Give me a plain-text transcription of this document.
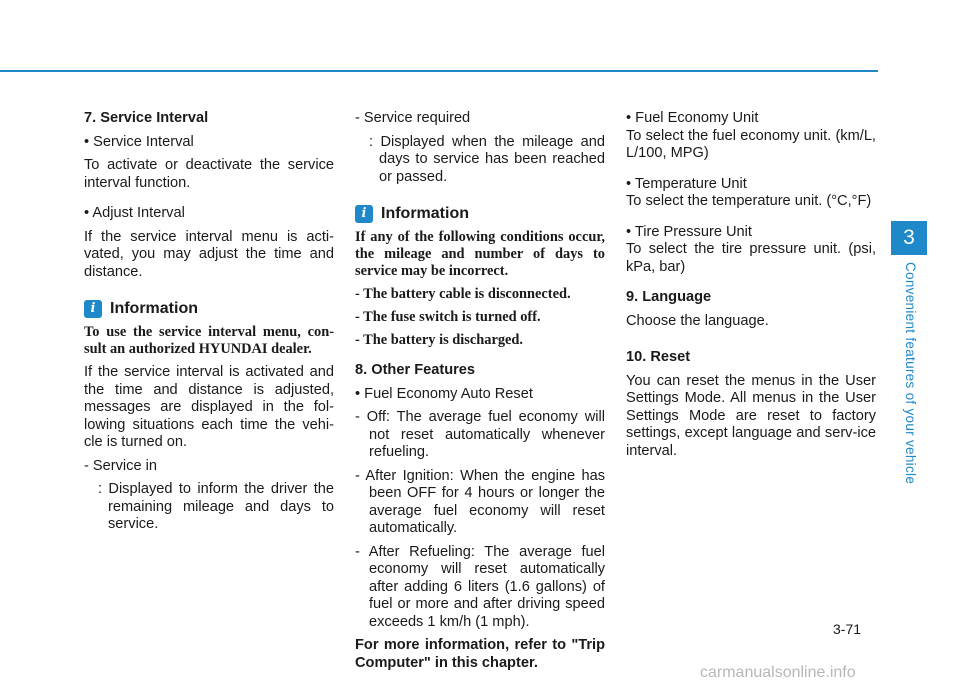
7. Service Interval

• Service Interval

To activate or deactivate the service interval function.

• Adjust Interval

If the service interval menu is acti-vated, you may adjust the time and distance.

i Information

To use the service interval menu, con-sult an authorized HYUNDAI dealer.

If the service interval is activated and the time and distance is adjusted, messages are displayed in the fol-lowing situations each time the vehi-cle is turned on.

- Service in

: Displayed to inform the driver the remaining mileage and days to service.

- Service required

: Displayed when the mileage and days to service has been reached or passed.

i Information

If any of the following conditions occur, the mileage and number of days to service may be incorrect.

- The battery cable is disconnected.

- The fuse switch is turned off.

- The battery is discharged.

8. Other Features

• Fuel Economy Auto Reset

- Off: The average fuel economy will not reset automatically whenever refueling.

- After Ignition: When the engine has been OFF for 4 hours or longer the average fuel economy will reset automatically.

- After Refueling: The average fuel economy will reset automatically after adding 6 liters (1.6 gallons) of fuel or more and after driving speed exceeds 1 km/h (1 mph).

For more information, refer to "Trip Computer" in this chapter.

• Fuel Economy Unit

To select the fuel economy unit. (km/L, L/100, MPG)

• Temperature Unit

To select the temperature unit. (°C,°F)

• Tire Pressure Unit

To select the tire pressure unit. (psi, kPa, bar)

9. Language

Choose the language.

10. Reset

You can reset the menus in the User Settings Mode. All menus in the User Settings Mode are reset to factory settings, except language and serv-ice interval.

3
Convenient features of your vehicle
3-71
carmanualsonline.info
